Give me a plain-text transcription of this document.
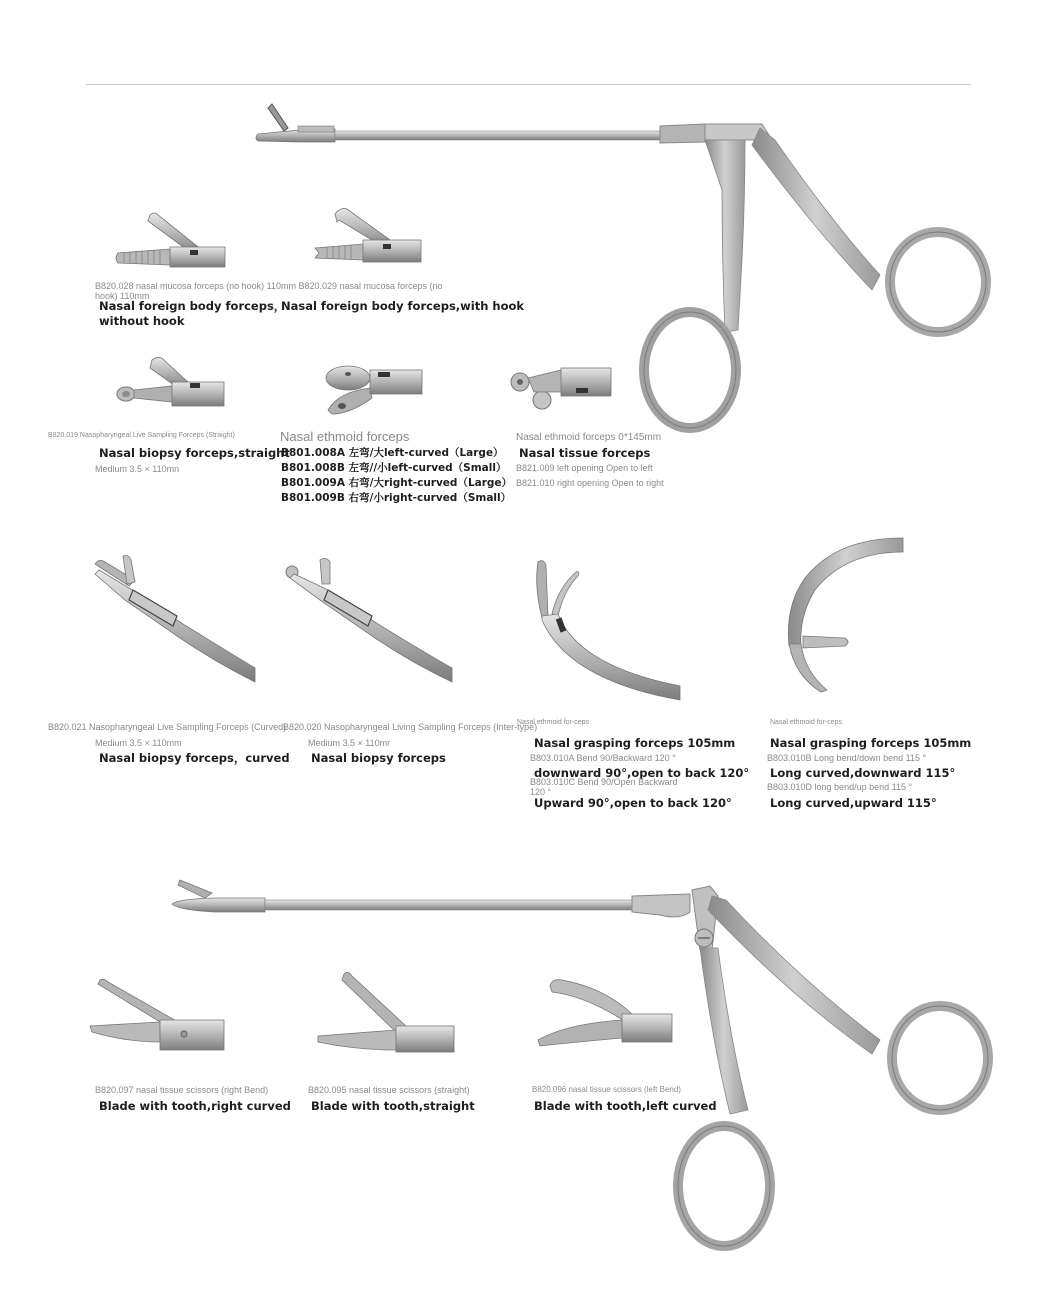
B820.028 nasal mucosa forceps (no hook) 110mm B820.029 nasal mucosa forceps (no hook) 110mm
Nasal foreign body forceps，
without hook
Nasal foreign body forceps,with hook
B820.019 Nasopharyngeal Live Sampling Forceps (Straight)
Nasal biopsy forceps,straight
Medium 3.5 × 110mn
Nasal ethmoid forceps
B801.008A 左弯/大left-curved（Large）
B801.008B 左弯//小left-curved（Small）
B801.009A 右弯/大right-curved（Large）
B801.009B 右弯/小right-curved（Small）
Nasal ethmoid forceps 0*145mm
Nasal tissue forceps
B821.009 left opening Open to left
B821.010 right opening Open to right
B820.021 Nasopharyngeal Live Sampling Forceps (Curved)
Medium 3.5 × 110mm
Nasal biopsy forceps，curved
B820.020 Nasopharyngeal Living Sampling Forceps (Inter-type)
Medium 3.5 × 110mr
Nasal biopsy forceps
Nasal ethmoid for-ceps
Nasal grasping forceps 105mm
B803.010A Bend 90/Backward 120 °
downward 90°,open to back 120°
B803.010C Bend 90/Open Backward 120 °
Upward 90°,open to back 120°
Nasal ethmoid for-ceps
Nasal grasping forceps 105mm
B803.010B Long bend/down bend 115 °
Long curved,downward 115°
B803.010D long bend/up bend 115 °
Long curved,upward 115°
B820.097 nasal tissue scissors (right Bend)
Blade with tooth,right curved
B820.095 nasal tissue scissors (straight)
Blade with tooth,straight
B820.096 nasal tissue scissors (left Bend)
Blade with tooth,left curved
